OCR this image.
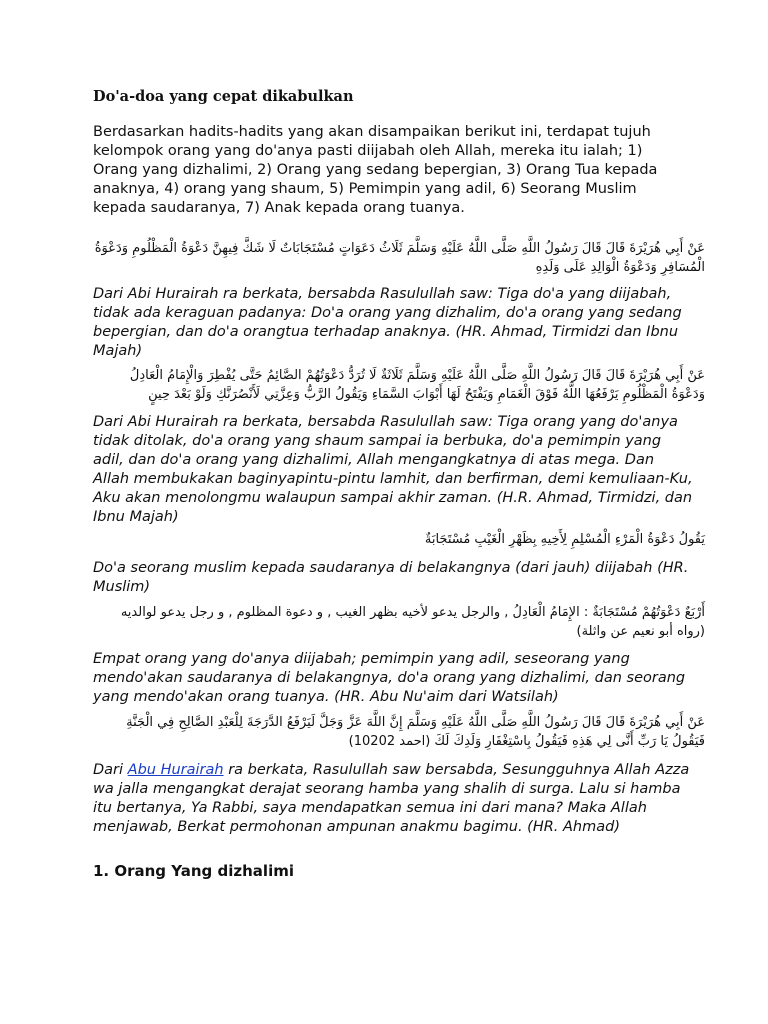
Do'a-doa yang cepat dikabulkan
Berdasarkan hadits-hadits yang akan disampaikan berikut ini, terdapat tujuh kelompok orang yang do'anya pasti diijabah oleh Allah, mereka itu ialah; 1) Orang yang dizhalimi, 2) Orang yang sedang bepergian, 3) Orang Tua kepada anaknya, 4) orang yang shaum, 5) Pemimpin yang adil, 6) Seorang Muslim kepada saudaranya, 7) Anak kepada orang tuanya.
عَنْ أَبِي هُرَيْرَةَ قَالَ قَالَ رَسُولُ اللَّهِ صَلَّى اللَّهُ عَلَيْهِ وَسَلَّمَ ثَلَاثُ دَعَوَاتٍ مُسْتَجَابَاتٌ لَا شَكَّ فِيهِنَّ دَعْوَةُ الْمَظْلُومِ وَدَعْوَةُ الْمُسَافِرِ وَدَعْوَةُ الْوَالِدِ عَلَى وَلَدِهِ
Dari Abi Hurairah ra berkata, bersabda Rasulullah saw: Tiga do'a yang diijabah, tidak ada keraguan padanya: Do'a orang yang dizhalim, do'a orang yang sedang bepergian, dan do'a orangtua terhadap anaknya. (HR. Ahmad, Tirmidzi dan Ibnu Majah)
عَنْ أَبِي هُرَيْرَةَ قَالَ قَالَ رَسُولُ اللَّهِ صَلَّى اللَّهُ عَلَيْهِ وَسَلَّمَ ثَلَاثَةٌ لَا تُرَدُّ دَعْوَتُهُمْ الصَّائِمُ حَتَّى يُفْطِرَ وَالْإِمَامُ الْعَادِلُ وَدَعْوَةُ الْمَظْلُومِ يَرْفَعُهَا اللَّهُ فَوْقَ الْغَمَامِ وَيَفْتَحُ لَهَا أَبْوَابَ السَّمَاءِ وَيَقُولُ الرَّبُّ وَعِزَّتِي لَأَنْصُرَنَّكِ وَلَوْ بَعْدَ حِينٍ
Dari Abi Hurairah ra berkata, bersabda Rasulullah saw: Tiga orang yang do'anya tidak ditolak, do'a orang yang shaum sampai ia berbuka, do'a pemimpin yang adil, dan do'a orang yang dizhalimi, Allah mengangkatnya di atas mega. Dan Allah membukakan baginyapintu-pintu lamhit, dan berfirman, demi kemuliaan-Ku, Aku akan menolongmu walaupun sampai akhir zaman. (H.R. Ahmad, Tirmidzi, dan Ibnu Majah)
يَقُولُ دَعْوَةُ الْمَرْءِ الْمُسْلِمِ لِأَخِيهِ بِظَهْرِ الْغَيْبِ مُسْتَجَابَةٌ
Do'a seorang muslim kepada saudaranya di belakangnya (dari jauh) diijabah (HR. Muslim)
أَرْبَعٌ دَعْوَتُهُمْ مُسْتَجَابَةٌ : الإِمَامُ الْعَادِلُ , والرجل يدعو لأخيه بظهر الغيب , و دعوة المظلوم , و رجل يدعو لوالديه (رواه أبو نعيم عن واثلة)
Empat orang yang do'anya diijabah; pemimpin yang adil, seseorang yang mendo'akan saudaranya di belakangnya, do'a orang yang dizhalimi, dan seorang yang mendo'akan orang tuanya. (HR. Abu Nu'aim dari Watsilah)
عَنْ أَبِي هُرَيْرَةَ قَالَ قَالَ رَسُولُ اللَّهِ صَلَّى اللَّهُ عَلَيْهِ وَسَلَّمَ إِنَّ اللَّهَ عَزَّ وَجَلَّ لَيَرْفَعُ الدَّرَجَةَ لِلْعَبْدِ الصَّالِحِ فِي الْجَنَّةِ فَيَقُولُ يَا رَبِّ أَنَّى لِي هَذِهِ فَيَقُولُ بِاسْتِغْفَارِ وَلَدِكَ لَكَ (احمد 10202)
Dari Abu Hurairah ra berkata, Rasulullah saw bersabda, Sesungguhnya Allah Azza wa jalla mengangkat derajat seorang hamba yang shalih di surga. Lalu si hamba itu bertanya, Ya Rabbi, saya mendapatkan semua ini dari mana? Maka Allah menjawab, Berkat permohonan ampunan anakmu bagimu. (HR. Ahmad)
1. Orang Yang dizhalimi
